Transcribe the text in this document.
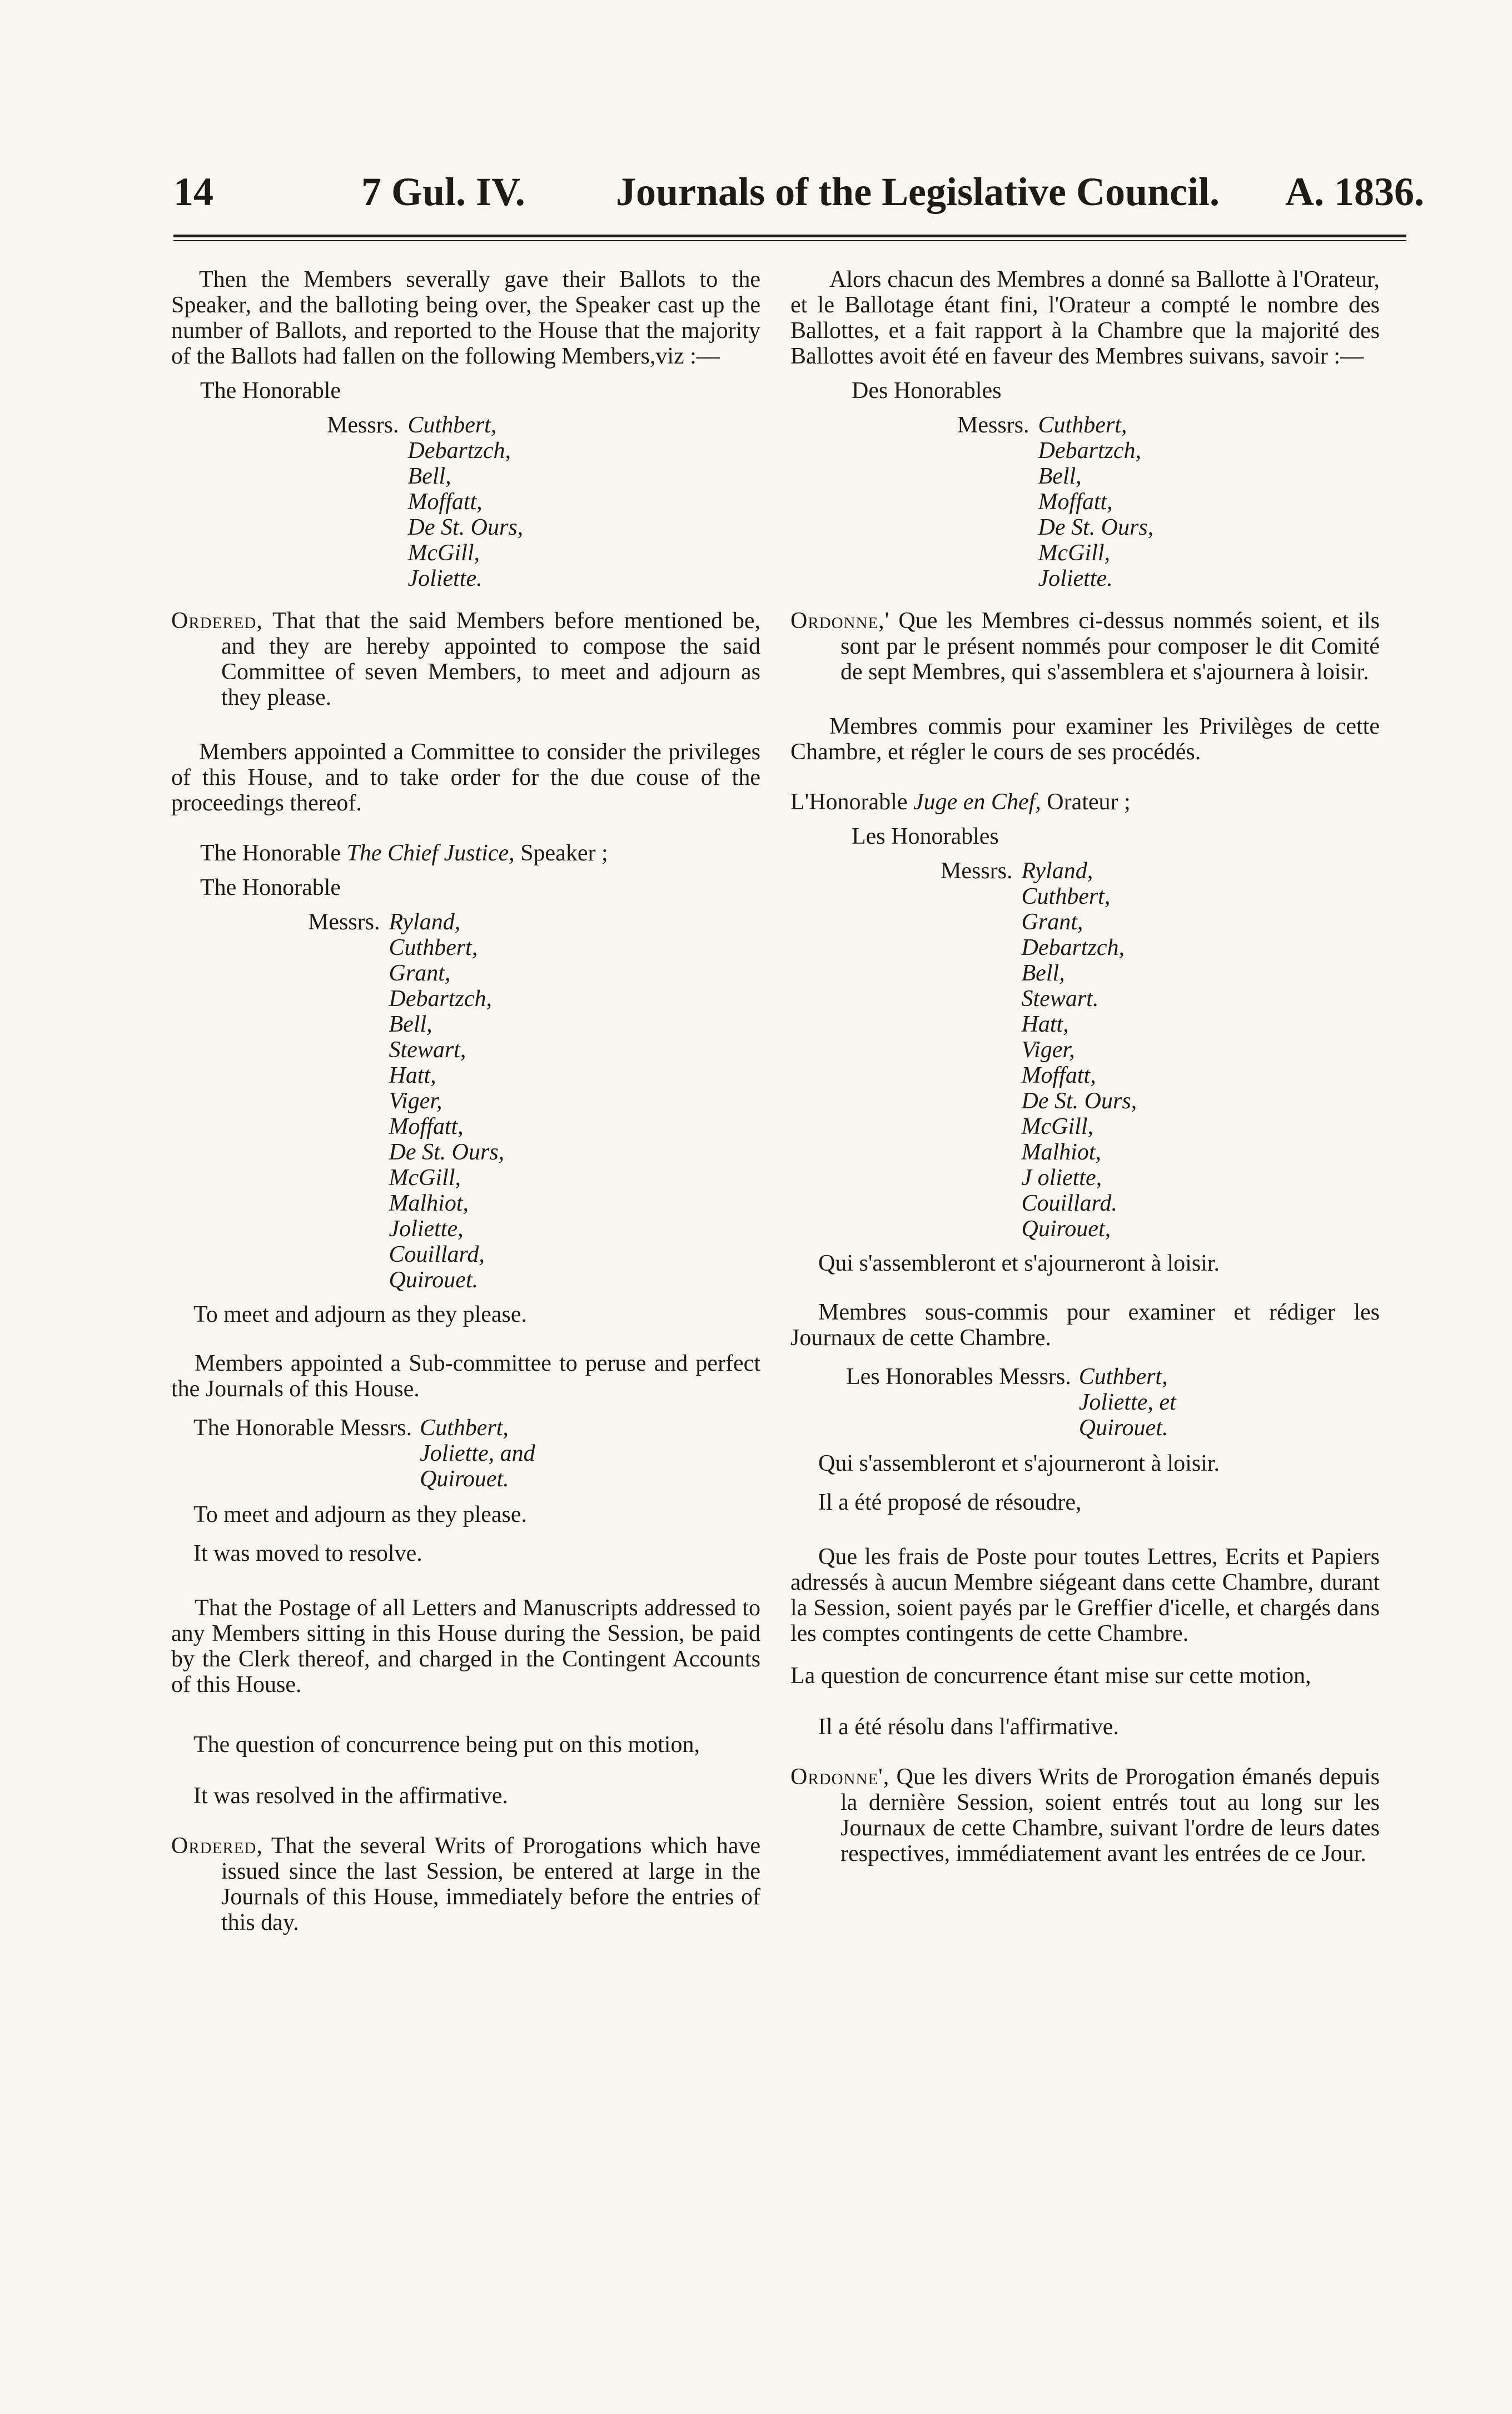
14	7 Gul. IV. Journals of the Legislative Council. A. 1836.

Then the Members severally gave their Ballots to the Speaker, and the balloting being over, the Speaker cast up the number of Ballots, and reported to the House that the majority of the Ballots had fallen on the following Members,viz :—

The Honorable

Messrs. Cuthbert,
Debartzch,
Bell,
Moffatt,
De St. Ours,
McGill,
Joliette.

Ordered, That that the said Members before mentioned be, and they are hereby appointed to compose the said Committee of seven Members, to meet and adjourn as they please.

Members appointed a Committee to consider the privileges of this House, and to take order for the due couse of the proceedings thereof.

The Honorable The Chief Justice, Speaker ;

The Honorable

Messrs. Ryland,
Cuthbert,
Grant,
Debartzch,
Bell,
Stewart,
Hatt,
Viger,
Moffatt,
De St. Ours,
McGill,
Malhiot,
Joliette,
Couillard,
Quirouet.

To meet and adjourn as they please.

Members appointed a Sub-committee to peruse and perfect the Journals of this House.

The Honorable Messrs. Cuthbert,
Joliette, and
Quirouet.

To meet and adjourn as they please.

It was moved to resolve.

That the Postage of all Letters and Manuscripts addressed to any Members sitting in this House during the Session, be paid by the Clerk thereof, and charged in the Contingent Accounts of this House.

The question of concurrence being put on this motion,

It was resolved in the affirmative.

Ordered, That the several Writs of Prorogations which have issued since the last Session, be entered at large in the Journals of this House, immediately before the entries of this day.

Alors chacun des Membres a donné sa Ballotte à l'Orateur, et le Ballotage étant fini, l'Orateur a compté le nombre des Ballottes, et a fait rapport à la Chambre que la majorité des Ballottes avoit été en faveur des Membres suivans, savoir :—

Des Honorables

Messrs. Cuthbert,
Debartzch,
Bell,
Moffatt,
De St. Ours,
McGill,
Joliette.

Ordonne,' Que les Membres ci-dessus nommés soient, et ils sont par le présent nommés pour composer le dit Comité de sept Membres, qui s'assemblera et s'ajournera à loisir.

Membres commis pour examiner les Privilèges de cette Chambre, et régler le cours de ses procédés.

L'Honorable Juge en Chef, Orateur ;

Les Honorables

Messrs. Ryland,
Cuthbert,
Grant,
Debartzch,
Bell,
Stewart.
Hatt,
Viger,
Moffatt,
De St. Ours,
McGill,
Malhiot,
J oliette,
Couillard.
Quirouet,

Qui s'assembleront et s'ajourneront à loisir.

Membres sous-commis pour examiner et rédiger les Journaux de cette Chambre.

Les Honorables Messrs. Cuthbert,
Joliette, et
Quirouet.

Qui s'assembleront et s'ajourneront à loisir.

Il a été proposé de résoudre,

Que les frais de Poste pour toutes Lettres, Ecrits et Papiers adressés à aucun Membre siégeant dans cette Chambre, durant la Session, soient payés par le Greffier d'icelle, et chargés dans les comptes contingents de cette Chambre.

La question de concurrence étant mise sur cette motion,

Il a été résolu dans l'affirmative.

Ordonne', Que les divers Writs de Prorogation émanés depuis la dernière Session, soient entrés tout au long sur les Journaux de cette Chambre, suivant l'ordre de leurs dates respectives, immédiatement avant les entrées de ce Jour.
